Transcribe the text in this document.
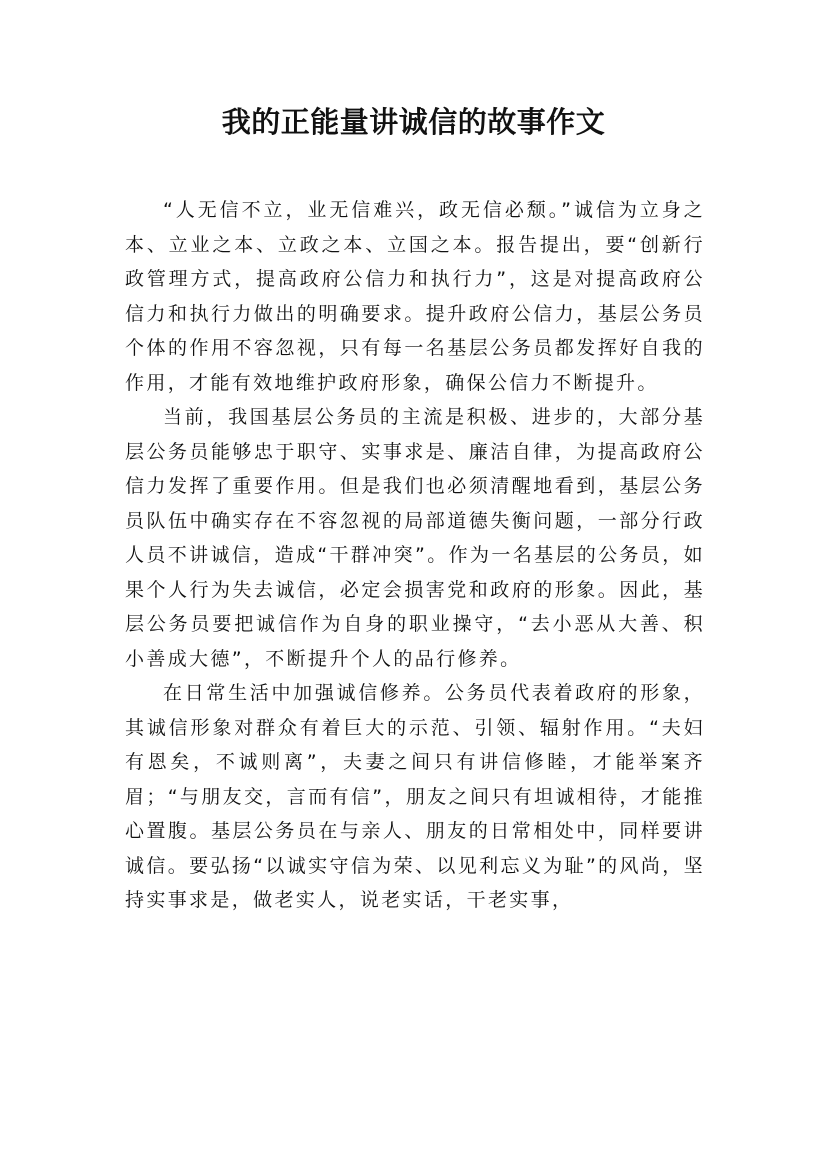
我的正能量讲诚信的故事作文

“人无信不立，业无信难兴，政无信必颓。”诚信为立身之本、立业之本、立政之本、立国之本。报告提出，要“创新行政管理方式，提高政府公信力和执行力”，这是对提高政府公信力和执行力做出的明确要求。提升政府公信力，基层公务员个体的作用不容忽视，只有每一名基层公务员都发挥好自我的作用，才能有效地维护政府形象，确保公信力不断提升。

当前，我国基层公务员的主流是积极、进步的，大部分基层公务员能够忠于职守、实事求是、廉洁自律，为提高政府公信力发挥了重要作用。但是我们也必须清醒地看到，基层公务员队伍中确实存在不容忽视的局部道德失衡问题，一部分行政人员不讲诚信，造成“干群冲突”。作为一名基层的公务员，如果个人行为失去诚信，必定会损害党和政府的形象。因此，基层公务员要把诚信作为自身的职业操守，“去小恶从大善、积小善成大德”，不断提升个人的品行修养。

在日常生活中加强诚信修养。公务员代表着政府的形象，其诚信形象对群众有着巨大的示范、引领、辐射作用。“夫妇有恩矣，不诚则离”，夫妻之间只有讲信修睦，才能举案齐眉；“与朋友交，言而有信”，朋友之间只有坦诚相待，才能推心置腹。基层公务员在与亲人、朋友的日常相处中，同样要讲诚信。要弘扬“以诚实守信为荣、以见利忘义为耻”的风尚，坚持实事求是，做老实人，说老实话，干老实事，
